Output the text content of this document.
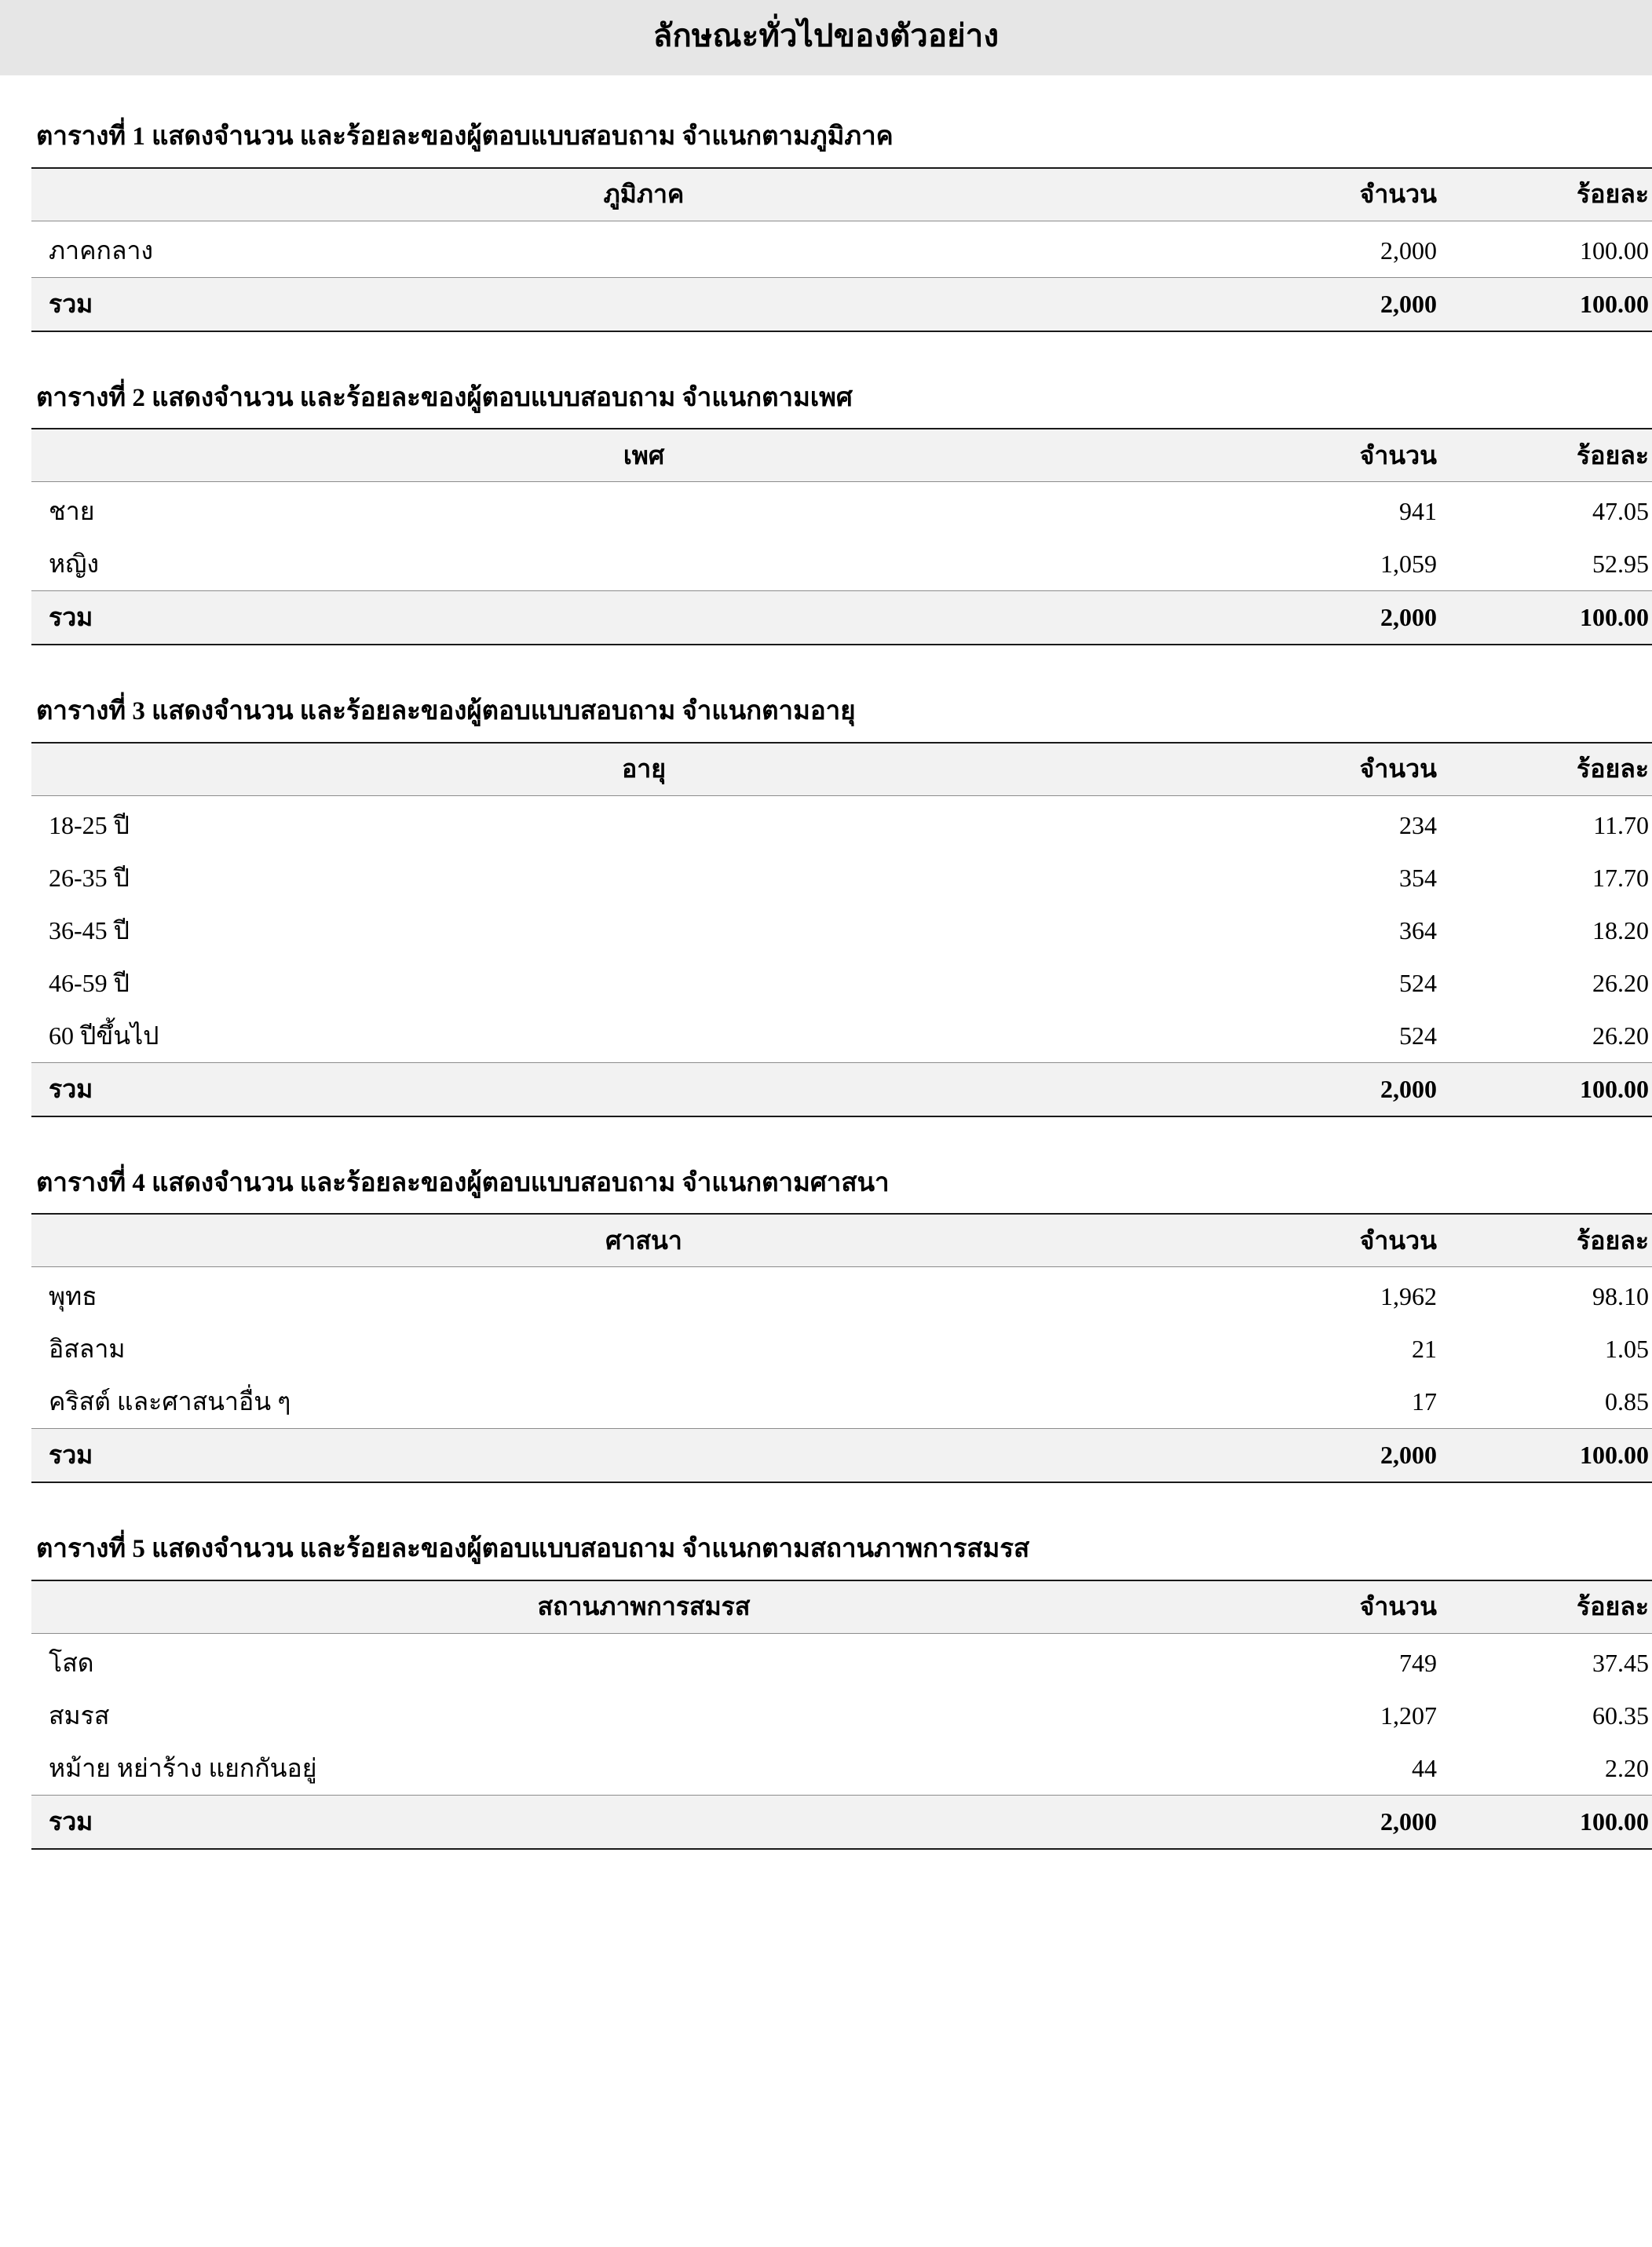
ลักษณะทั่วไปของตัวอย่าง
ตารางที่ 1 แสดงจำนวน และร้อยละของผู้ตอบแบบสอบถาม จำแนกตามภูมิภาค
ภูมิภาค	จำนวน	ร้อยละ
ภาคกลาง	2,000	100.00
รวม	2,000	100.00
ตารางที่ 2 แสดงจำนวน และร้อยละของผู้ตอบแบบสอบถาม จำแนกตามเพศ
เพศ	จำนวน	ร้อยละ
ชาย	941	47.05
หญิง	1,059	52.95
รวม	2,000	100.00
ตารางที่ 3 แสดงจำนวน และร้อยละของผู้ตอบแบบสอบถาม จำแนกตามอายุ
อายุ	จำนวน	ร้อยละ
18-25 ปี	234	11.70
26-35 ปี	354	17.70
36-45 ปี	364	18.20
46-59 ปี	524	26.20
60 ปีขึ้นไป	524	26.20
รวม	2,000	100.00
ตารางที่ 4 แสดงจำนวน และร้อยละของผู้ตอบแบบสอบถาม จำแนกตามศาสนา
ศาสนา	จำนวน	ร้อยละ
พุทธ	1,962	98.10
อิสลาม	21	1.05
คริสต์ และศาสนาอื่น ๆ	17	0.85
รวม	2,000	100.00
ตารางที่ 5 แสดงจำนวน และร้อยละของผู้ตอบแบบสอบถาม จำแนกตามสถานภาพการสมรส
สถานภาพการสมรส	จำนวน	ร้อยละ
โสด	749	37.45
สมรส	1,207	60.35
หม้าย หย่าร้าง แยกกันอยู่	44	2.20
รวม	2,000	100.00
